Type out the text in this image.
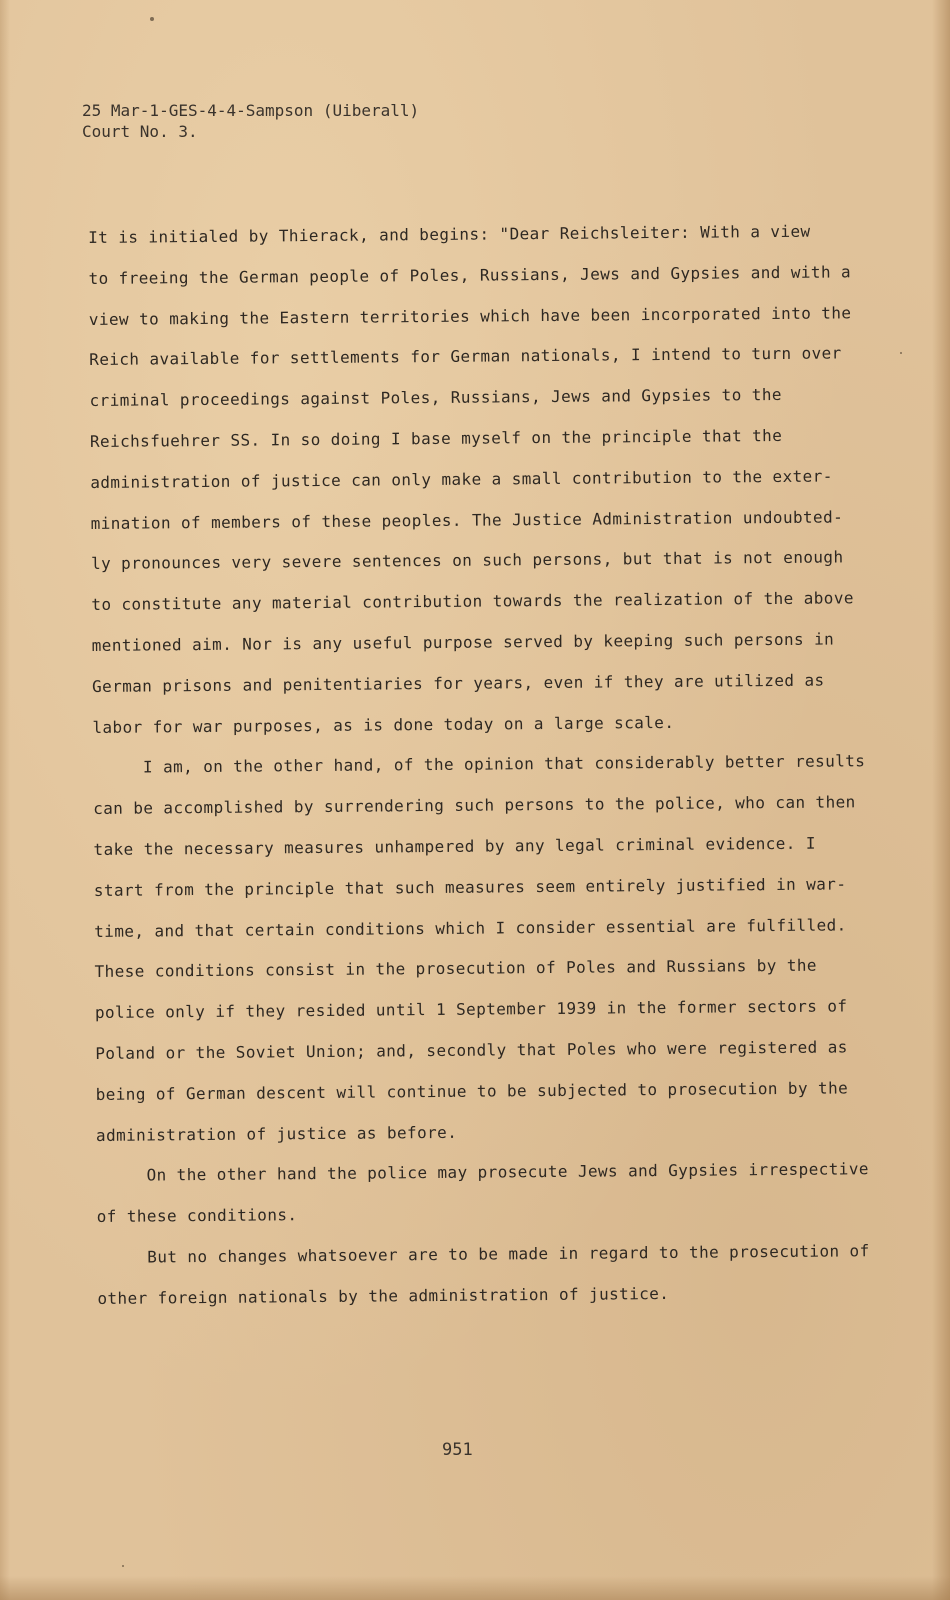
25 Mar-1-GES-4-4-Sampson (Uiberall)
Court No. 3.
It is initialed by Thierack, and begins: "Dear Reichsleiter: With a view
to freeing the German people of Poles, Russians, Jews and Gypsies and with a
view to making the Eastern territories which have been incorporated into the
Reich available for settlements for German nationals, I intend to turn over
criminal proceedings against Poles, Russians, Jews and Gypsies to the
Reichsfuehrer SS. In so doing I base myself on the principle that the
administration of justice can only make a small contribution to the exter-
mination of members of these peoples. The Justice Administration undoubted-
ly pronounces very severe sentences on such persons, but that is not enough
to constitute any material contribution towards the realization of the above
mentioned aim. Nor is any useful purpose served by keeping such persons in
German prisons and penitentiaries for years, even if they are utilized as
labor for war purposes, as is done today on a large scale.
I am, on the other hand, of the opinion that considerably better results
can be accomplished by surrendering such persons to the police, who can then
take the necessary measures unhampered by any legal criminal evidence. I
start from the principle that such measures seem entirely justified in war-
time, and that certain conditions which I consider essential are fulfilled.
These conditions consist in the prosecution of Poles and Russians by the
police only if they resided until 1 September 1939 in the former sectors of
Poland or the Soviet Union; and, secondly that Poles who were registered as
being of German descent will continue to be subjected to prosecution by the
administration of justice as before.
On the other hand the police may prosecute Jews and Gypsies irrespective
of these conditions.
But no changes whatsoever are to be made in regard to the prosecution of
other foreign nationals by the administration of justice.
951
